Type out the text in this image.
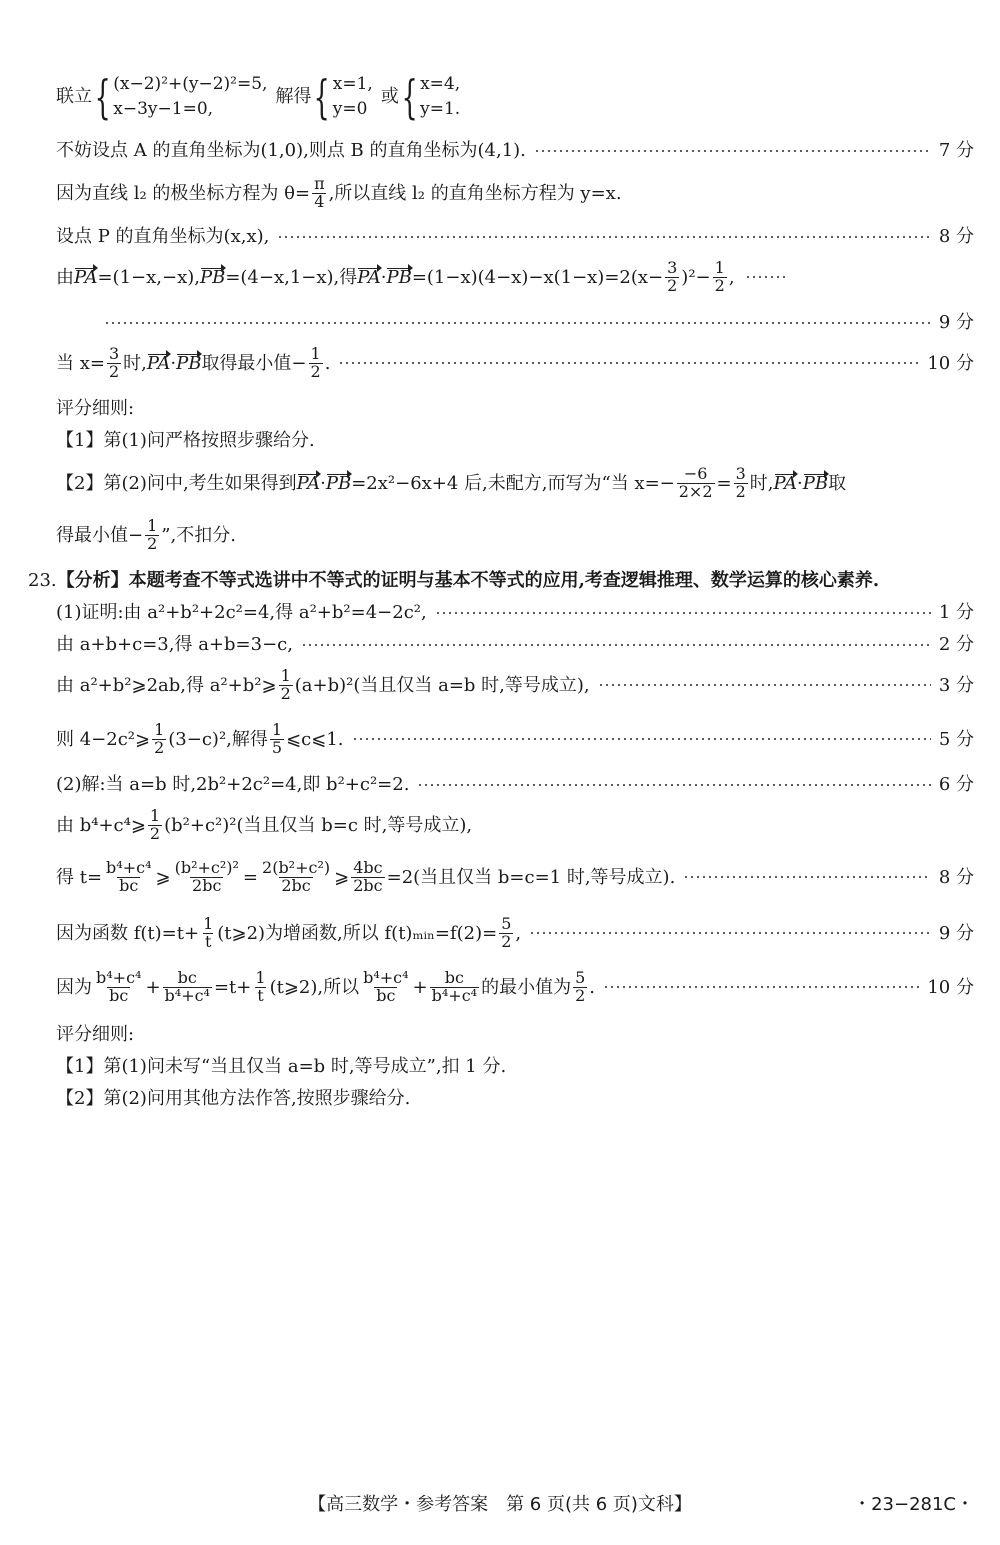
联立 { (x−2)²+(y−2)²=5,
x−3y−1=0,
解得 { x=1,
y=0
或 { x=4,
y=1.
不妨设点 A 的直角坐标为(1,0),则点 B 的直角坐标为(4,1).	7 分
因为直线 l₂ 的极坐标方程为 $\theta= \frac{\pi}{4}$ ,所以直线 l₂ 的直角坐标方程为 y=x.
设点 P 的直角坐标为(x,x),	8 分
由 PA =(1−x,−x), PB =(4−x,1−x),得 PA · PB $=(1-x)(4-x)-x(1-x)=2(x- \frac{3}{2} )^2- \frac{1}{2}$ ,
9 分
当 $x= \frac{3}{2}$ 时, PA · PB 取得最小值− $\frac{1}{2}$ .	10 分
评分细则:
【1】第(1)问严格按照步骤给分.
【2】第(2)问中,考生如果得到 PA · PB =2x²−6x+4 后,未配方,而写为“当 $x=- \frac{-6}{2\times 2} = \frac{3}{2}$ 时, PA · PB 取
得最小值− $\frac{1}{2}$ ”,不扣分.
23. 【分析】本题考查不等式选讲中不等式的证明与基本不等式的应用,考查逻辑推理、数学运算的核心素养.
(1)证明:由 a²+b²+2c²=4,得 a²+b²=4−2c²,	1 分
由 a+b+c=3,得 a+b=3−c,	2 分
由 a²+b²⩾2ab,得 a²+b²⩾ $\frac{1}{2} (a+b)^2$(当且仅当 a=b 时,等号成立),	3 分
则 4−2c²⩾ $\frac{1}{2} (3-c)^2$,解得 $\frac{1}{5}$ ⩽c⩽1.	5 分
(2)解:当 a=b 时,2b²+2c²=4,即 b²+c²=2.	6 分
由 b⁴+c⁴⩾ $\frac{1}{2} (b^2+c^2)^2$(当且仅当 b=c 时,等号成立),
得 $t= \frac{\text{b⁴+c⁴}}{bc}$ ⩾ $\frac{\text{(b²+c²)²}}{2bc} = \frac{\text{2(b²+c²)}}{2bc}$ ⩾ $\frac{4bc}{2bc} =2$(当且仅当 b=c=1 时,等号成立).	8 分
因为函数 $f(t)=t+ \frac{1}{t}$ (t⩾2)为增函数,所以 f(t)ₘᵢₙ=f(2)= $\frac{5}{2}$ ,	9 分
因为 $\frac{\text{b⁴+c⁴}}{bc} + \frac{bc}{\text{b⁴+c⁴}} =t+ \frac{1}{t}$ (t⩾2),所以 $\frac{\text{b⁴+c⁴}}{bc} + \frac{bc}{\text{b⁴+c⁴}}$ 的最小值为 $\frac{5}{2}$ .	10 分
评分细则:
【1】第(1)问未写“当且仅当 a=b 时,等号成立”,扣 1 分.
【2】第(2)问用其他方法作答,按照步骤给分.
【高三数学・参考答案　第 6 页(共 6 页)文科】	・23−281C・
